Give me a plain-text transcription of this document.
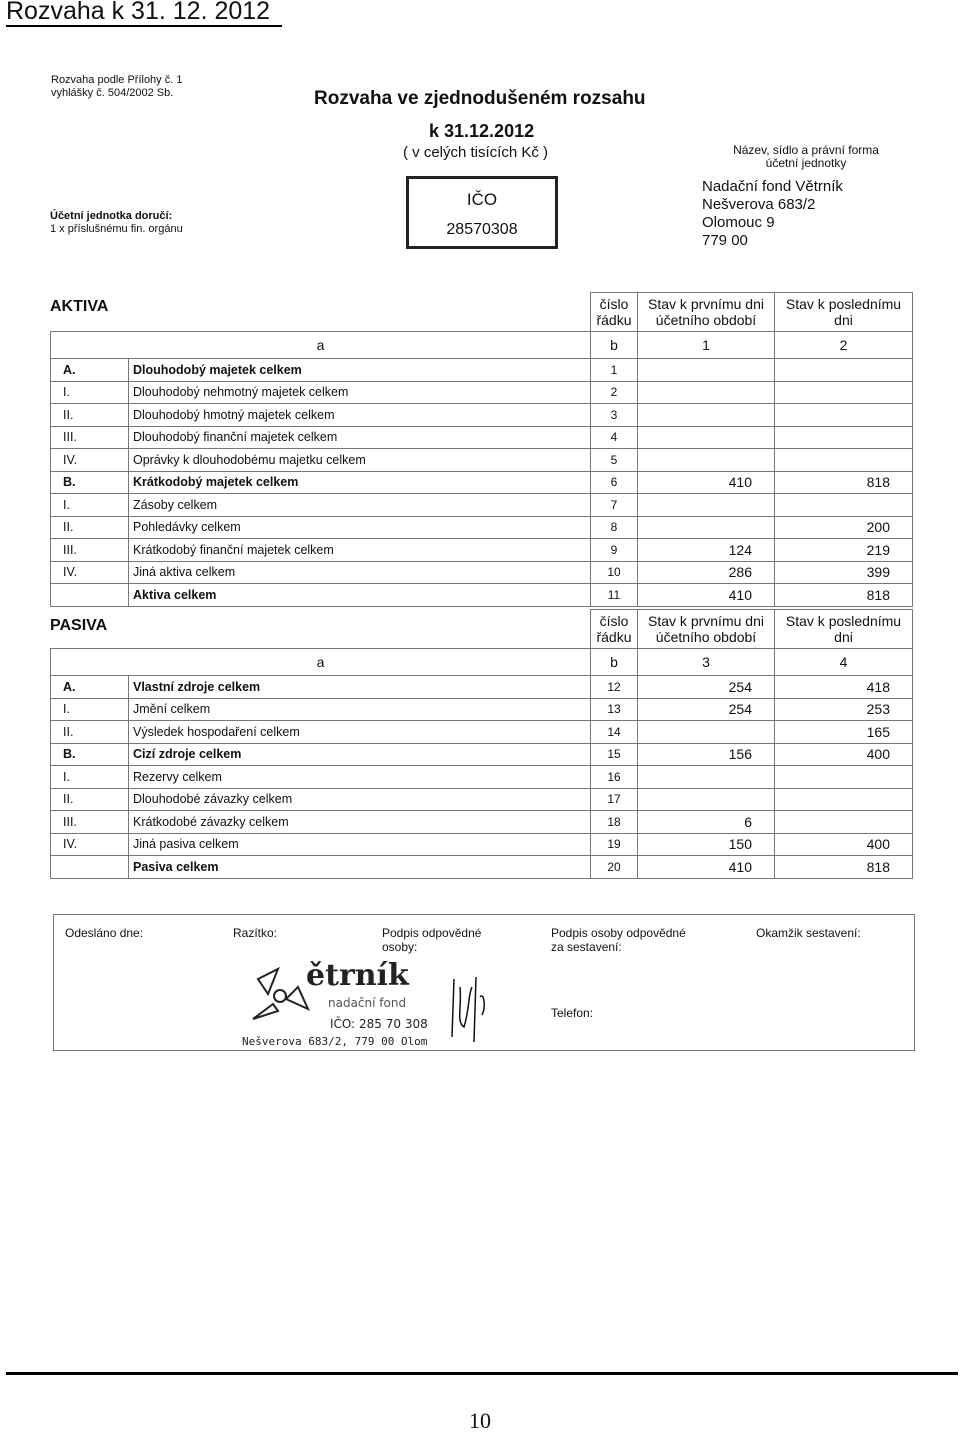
Rozvaha k 31. 12. 2012
Rozvaha podle Přílohy č. 1
vyhlášky č. 504/2002 Sb.	Rozvaha ve zjednodušeném rozsahu
k 31.12.2012
( v celých tisících Kč )
Účetní jednotka doručí:
1 x příslušnému fin. orgánu
IČO
28570308
Název, sídlo a právní forma
účetní jednotky
Nadační fond Větrník
Nešverova 683/2
Olomouc 9
779 00
AKTIVA
			číslo řádku	Stav k prvnímu dni účetního období	Stav k poslednímu dni
a		b	1	2
A.	Dlouhodobý majetek celkem	1		
I.	Dlouhodobý nehmotný majetek celkem	2		
II.	Dlouhodobý hmotný majetek celkem	3		
III.	Dlouhodobý finanční majetek celkem	4		
IV.	Oprávky k dlouhodobému majetku celkem	5		
B.	Krátkodobý majetek celkem	6	410	818
I.	Zásoby celkem	7		
II.	Pohledávky celkem	8		200
III.	Krátkodobý finanční majetek celkem	9	124	219
IV.	Jiná aktiva celkem	10	286	399
	Aktiva celkem	11	410	818
PASIVA
			číslo řádku	Stav k prvnímu dni účetního období	Stav k poslednímu dni
a		b	3	4
A.	Vlastní zdroje celkem	12	254	418
I.	Jmění celkem	13	254	253
II.	Výsledek hospodaření celkem	14		165
B.	Cizí zdroje celkem	15	156	400
I.	Rezervy celkem	16		
II.	Dlouhodobé závazky celkem	17		
III.	Krátkodobé závazky celkem	18	6	
IV.	Jiná pasiva celkem	19	150	400
	Pasiva celkem	20	410	818
Odesláno dne:	Razítko:	Podpis odpovědné osoby:
Podpis osoby odpovědné
za sestavení:
Okamžik sestavení:
Telefon:
ětrník
nadační fond
IČO: 285 70 308
Nešverova 683/2, 779 00 Olomouc
10
